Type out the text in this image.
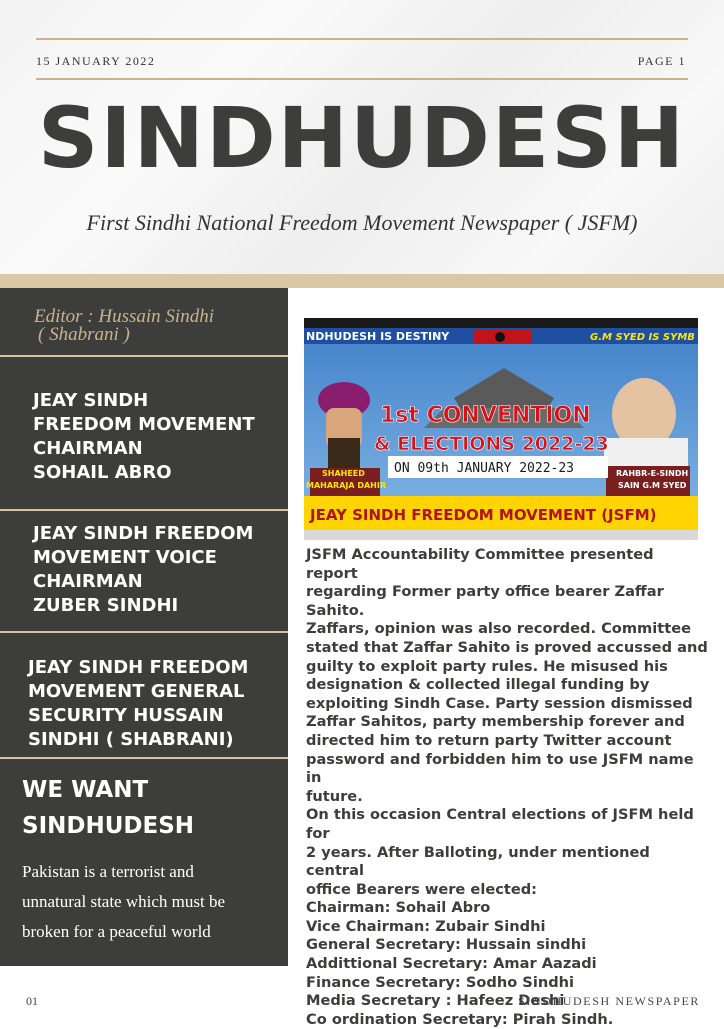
15 JANUARY 2022	PAGE 1
SINDHUDESH
First Sindhi National Freedom Movement Newspaper ( JSFM)
Editor : Hussain Sindhi
( Shabrani )
JEAY SINDH
FREEDOM MOVEMENT
CHAIRMAN
SOHAIL ABRO
JEAY SINDH FREEDOM
MOVEMENT VOICE
CHAIRMAN
ZUBER SINDHI
JEAY SINDH FREEDOM
MOVEMENT GENERAL
SECURITY HUSSAIN
SINDHI ( SHABRANI)
WE WANT
SINDHUDESH
Pakistan is a terrorist and
unnatural state which must be
broken for a peaceful world
NDHUDESH IS DESTINY	G.M SYED IS SYMB
SHAHEED
MAHARAJA DAHIR
RAHBR-E-SINDH
SAIN G.M SYED
1st CONVENTION
& ELECTIONS 2022-23
ON 09th JANUARY 2022-23
JEAY SINDH FREEDOM MOVEMENT (JSFM)

JSFM Accountability Committee presented report
regarding Former party office bearer Zaffar Sahito.
Zaffars, opinion was also recorded. Committee
stated that Zaffar Sahito is proved accussed and
guilty to exploit party rules. He misused his
designation & collected illegal funding by
exploiting Sindh Case. Party session dismissed
Zaffar Sahitos, party membership forever and
directed him to return party Twitter account
password and forbidden him to use JSFM name in
future.

On this occasion Central elections of JSFM held for
2 years. After Balloting, under mentioned central
office Bearers were elected:

Chairman: Sohail Abro
Vice Chairman: Zubair Sindhi
General Secretary: Hussain sindhi
Addittional Secretary: Amar Aazadi
Finance Secretary: Sodho Sindhi
Media Secretary : Hafeez Deshi
Co ordination Secretary: Pirah Sindh.

01	SINDHUDESH NEWSPAPER
